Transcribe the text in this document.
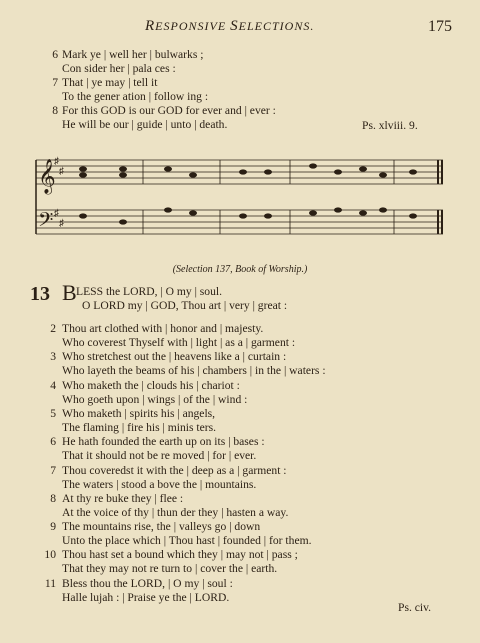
RESPONSIVE SELECTIONS.	175
6 Mark ye | well her | bulwarks ;
Con sider her | pala ces :
7 That | ye may | tell it
To the gener ation | follow ing :
8 For this GOD is our GOD for ever and | ever :
He will be our | guide | unto | death.	Ps. xlviii. 9.
𝄞
𝄢
♯
♯
♯
♯
(Selection 137, Book of Worship.)
13 B LESS the LORD, | O my | soul.
O LORD my | GOD, Thou art | very | great :
2 Thou art clothed with | honor and | majesty.
Who coverest Thyself with | light | as a | garment :
3 Who stretchest out the | heavens like a | curtain :
Who layeth the beams of his | chambers | in the | waters :
4 Who maketh the | clouds his | chariot :
Who goeth upon | wings | of the | wind :
5 Who maketh | spirits his | angels,
The flaming | fire his | minis ters.
6 He hath founded the earth up on its | bases :
That it should not be re moved | for | ever.
7 Thou coveredst it with the | deep as a | garment :
The waters | stood a bove the | mountains.
8 At thy re buke they | flee :
At the voice of thy | thun der they | hasten a way.
9 The mountains rise, the | valleys go | down
Unto the place which | Thou hast | founded | for them.
10 Thou hast set a bound which they | may not | pass ;
That they may not re turn to | cover the | earth.
11 Bless thou the LORD, | O my | soul :
Halle lujah : | Praise ye the | LORD.
Ps. civ.
